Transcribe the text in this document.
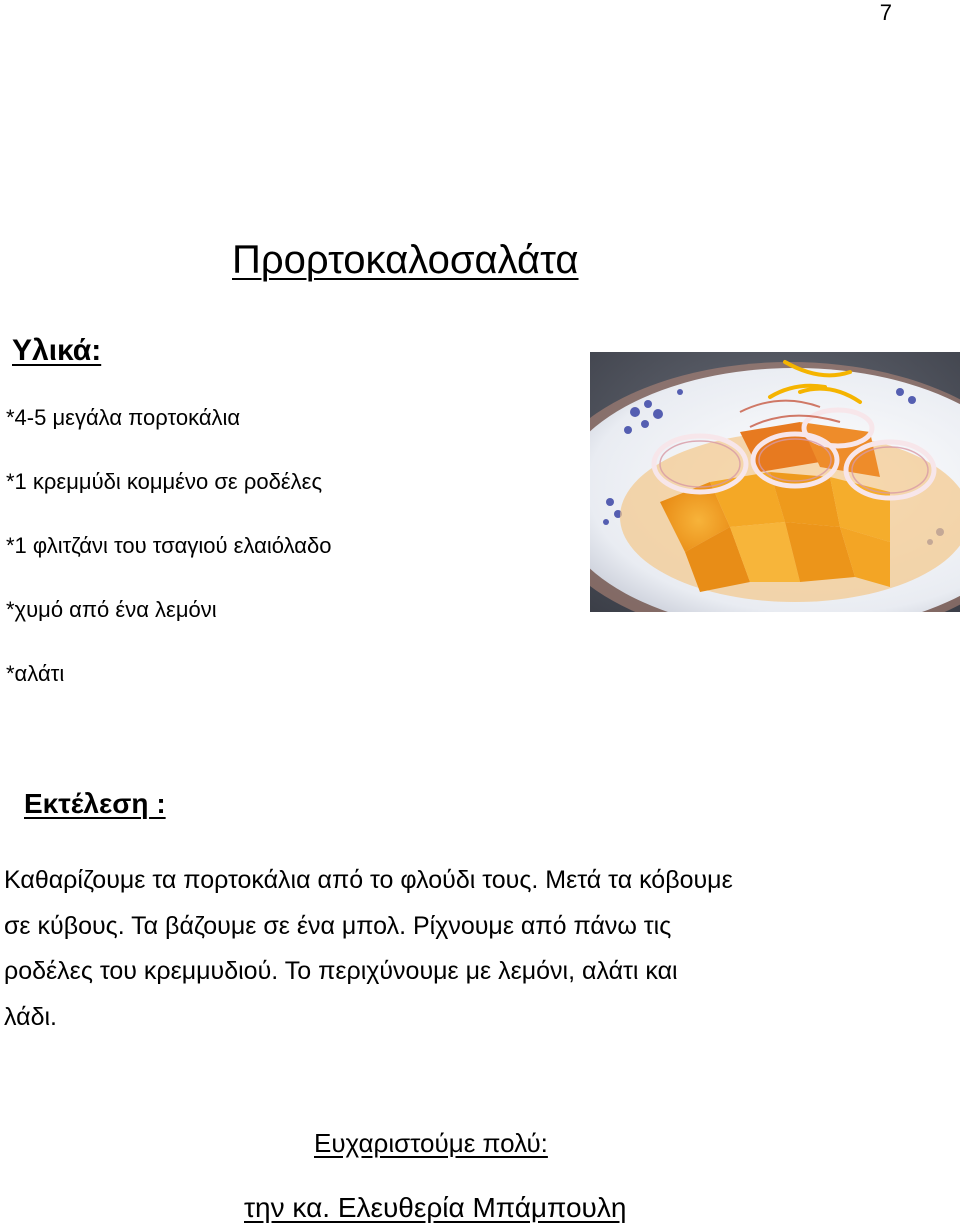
7
Προρτοκαλοσαλάτα
Υλικά:
*4-5 μεγάλα πορτοκάλια
*1 κρεμμύδι κομμένο σε ροδέλες
*1 φλιτζάνι του τσαγιού ελαιόλαδο
*χυμό από ένα λεμόνι
*αλάτι
Εκτέλεση :

Καθαρίζουμε τα πορτοκάλια από το φλούδι τους. Μετά τα κόβουμε
σε κύβους. Τα βάζουμε σε ένα μπολ. Ρίχνουμε από πάνω τις
ροδέλες του κρεμμυδιού. Το περιχύνουμε με λεμόνι, αλάτι και
λάδι.

Ευχαριστούμε πολύ:
την κα. Ελευθερία Μπάμπουλη
